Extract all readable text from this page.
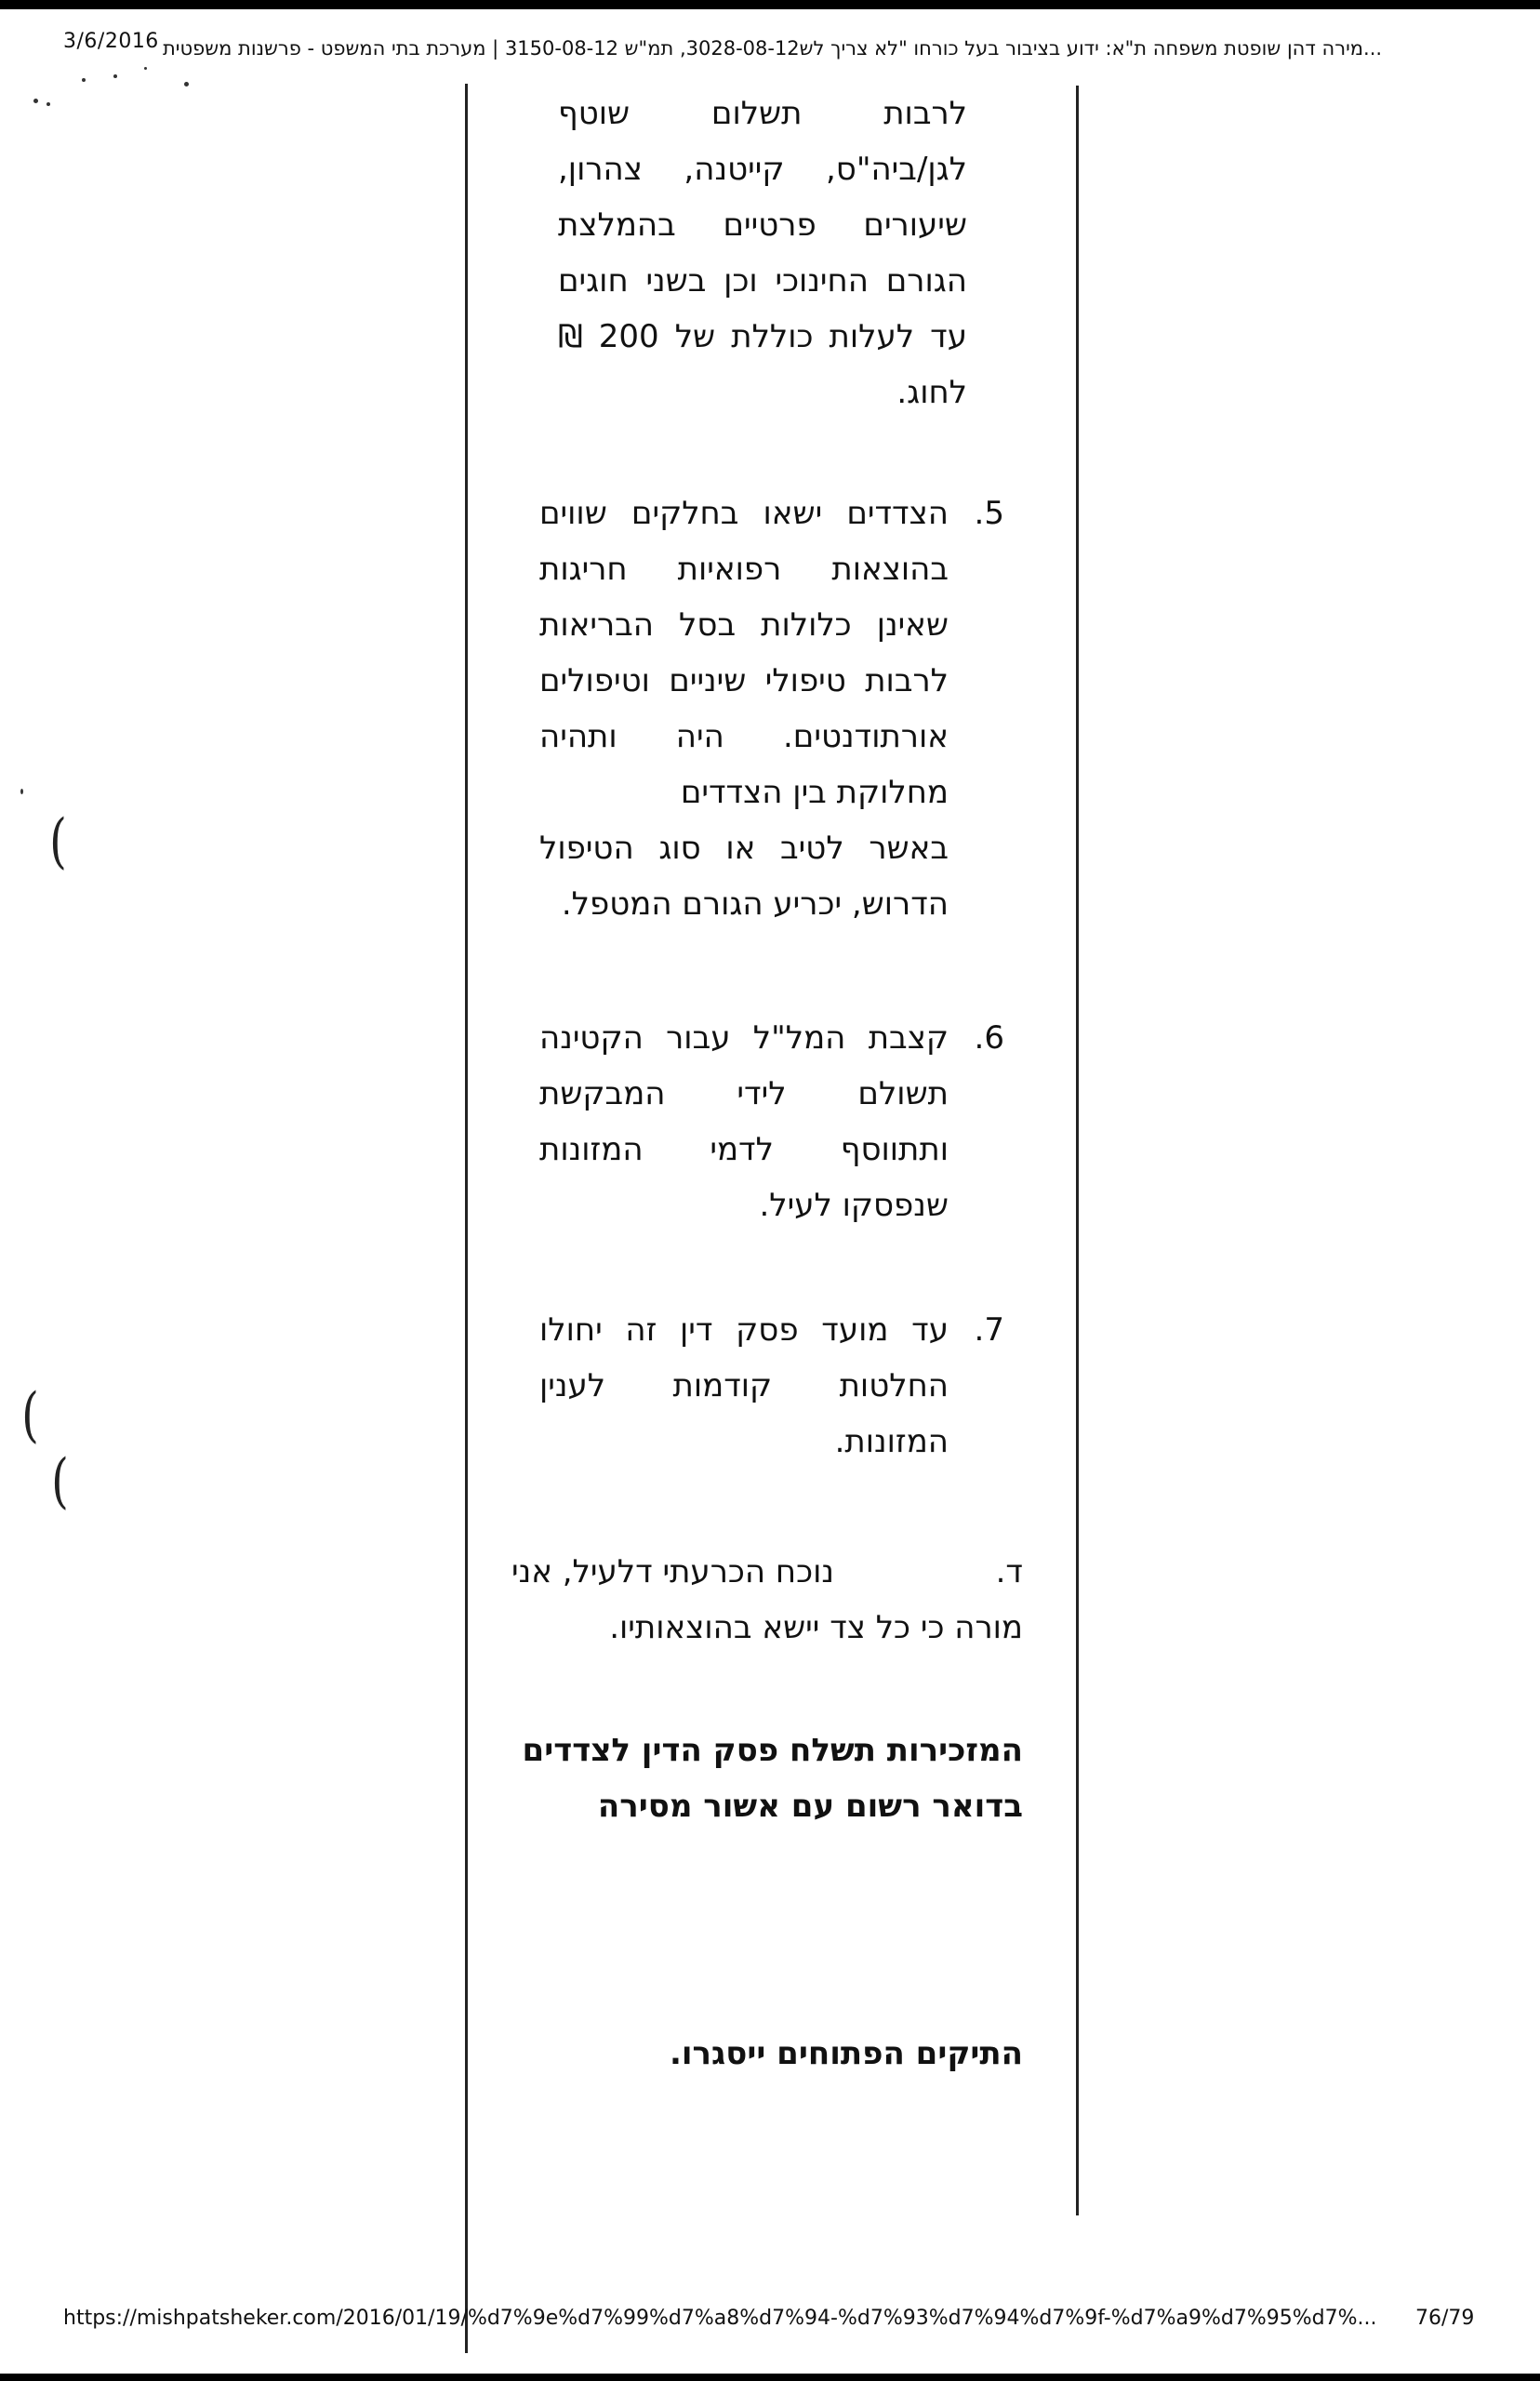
3/6/2016 ...מירה דהן שופטת משפחה ת"א: ידוע בציבור בעל כורחו "לא צריך לש3028-08-12, תמ"ש 3150-08-12 | מערכת בתי המשפט - פרשנות משפטית
(
(
(
לרבות תשלום שוטף
לגן/ביה"ס, קייטנה, צהרון,
שיעורים פרטיים בהמלצת
הגורם החינוכי וכן בשני חוגים
עד לעלות כוללת של 200 ₪
לחוג.
5.
הצדדים ישאו בחלקים שווים
בהוצאות רפואיות חריגות
שאינן כלולות בסל הבריאות
לרבות טיפולי שיניים וטיפולים
אורתודנטים. היה ותהיה
מחלוקת בין הצדדים
באשר לטיב או סוג הטיפול
הדרוש, יכריע הגורם המטפל.
6.
קצבת המל"ל עבור הקטינה
תשולם לידי המבקשת
ותתווסף לדמי המזונות
שנפסקו לעיל.
7.
עד מועד פסק דין זה יחולו
החלטות קודמות לענין
המזונות.
ד.
נוכח הכרעתי דלעיל, אני
מורה כי כל צד יישא בהוצאותיו.
המזכירות תשלח פסק הדין לצדדים
בדואר רשום עם אשור מסירה
התיקים הפתוחים ייסגרו.
https://mishpatsheker.com/2016/01/19/%d7%9e%d7%99%d7%a8%d7%94-%d7%93%d7%94%d7%9f-%d7%a9%d7%95%d7%... 76/79
